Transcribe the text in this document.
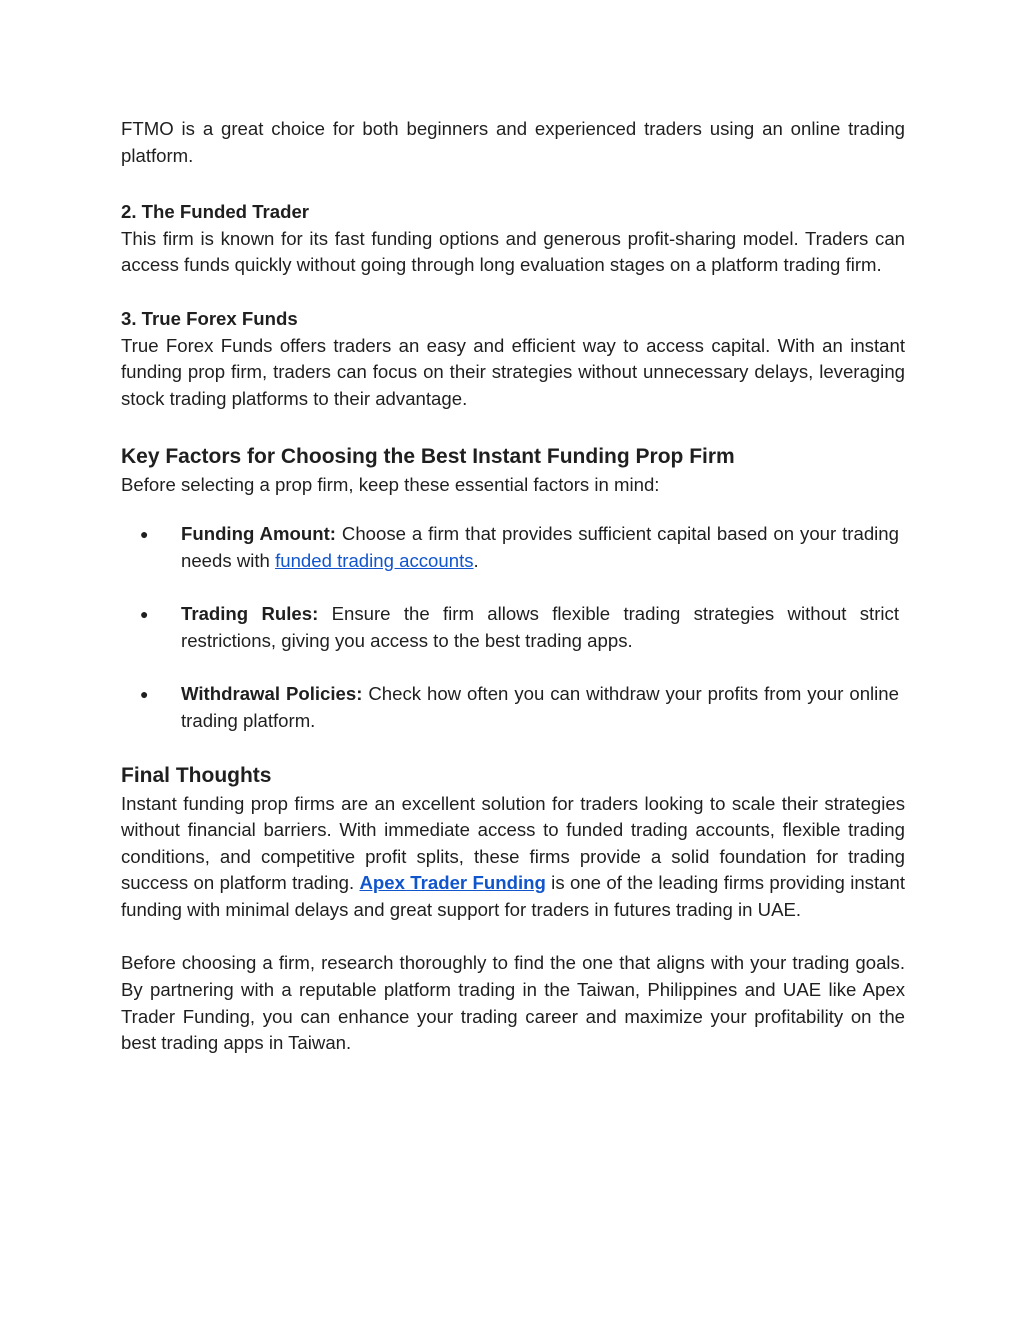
FTMO is a great choice for both beginners and experienced traders using an online trading platform.

2. The Funded Trader

This firm is known for its fast funding options and generous profit-sharing model. Traders can access funds quickly without going through long evaluation stages on a platform trading firm.

3. True Forex Funds

True Forex Funds offers traders an easy and efficient way to access capital. With an instant funding prop firm, traders can focus on their strategies without unnecessary delays, leveraging stock trading platforms to their advantage.

Key Factors for Choosing the Best Instant Funding Prop Firm

Before selecting a prop firm, keep these essential factors in mind:

● Funding Amount: Choose a firm that provides sufficient capital based on your trading needs with funded trading accounts.
● Trading Rules: Ensure the firm allows flexible trading strategies without strict restrictions, giving you access to the best trading apps.
● Withdrawal Policies: Check how often you can withdraw your profits from your online trading platform.
Final Thoughts

Instant funding prop firms are an excellent solution for traders looking to scale their strategies without financial barriers. With immediate access to funded trading accounts, flexible trading conditions, and competitive profit splits, these firms provide a solid foundation for trading success on platform trading. Apex Trader Funding is one of the leading firms providing instant funding with minimal delays and great support for traders in futures trading in UAE.

Before choosing a firm, research thoroughly to find the one that aligns with your trading goals. By partnering with a reputable platform trading in the Taiwan, Philippines and UAE like Apex Trader Funding, you can enhance your trading career and maximize your profitability on the best trading apps in Taiwan.
